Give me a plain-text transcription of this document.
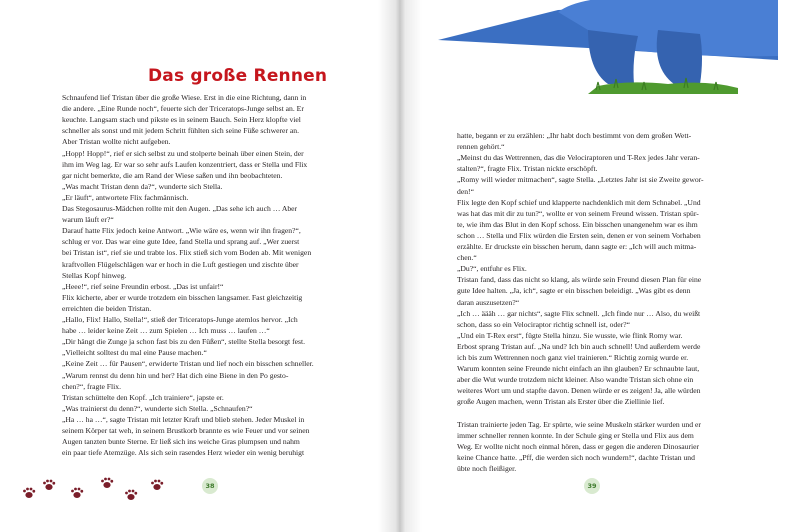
Das große Rennen
38	39
Schnaufend lief Tristan über die große Wiese. Erst in die eine Richtung, dann in
die andere. „Eine Runde noch“, feuerte sich der Triceratops-Junge selbst an. Er
keuchte. Langsam stach und pikste es in seinem Bauch. Sein Herz klopfte viel
schneller als sonst und mit jedem Schritt fühlten sich seine Füße schwerer an.
Aber Tristan wollte nicht aufgeben.
„Hopp! Hopp!“, rief er sich selbst zu und stolperte beinah über einen Stein, der
ihm im Weg lag. Er war so sehr aufs Laufen konzentriert, dass er Stella und Flix
gar nicht bemerkte, die am Rand der Wiese saßen und ihn beobachteten.
„Was macht Tristan denn da?“, wunderte sich Stella.
„Er läuft“, antwortete Flix fachmännisch.
Das Stegosaurus-Mädchen rollte mit den Augen. „Das sehe ich auch … Aber
warum läuft er?“
Darauf hatte Flix jedoch keine Antwort. „Wie wäre es, wenn wir ihn fragen?“,
schlug er vor. Das war eine gute Idee, fand Stella und sprang auf. „Wer zuerst
bei Tristan ist“, rief sie und trabte los. Flix stieß sich vom Boden ab. Mit wenigen
kraftvollen Flügelschlägen war er hoch in die Luft gestiegen und zischte über
Stellas Kopf hinweg.
„Heee!“, rief seine Freundin erbost. „Das ist unfair!“
Flix kicherte, aber er wurde trotzdem ein bisschen langsamer. Fast gleichzeitig
erreichten die beiden Tristan.
„Hallo, Flix! Hallo, Stella!“, stieß der Triceratops-Junge atemlos hervor. „Ich
habe … leider keine Zeit … zum Spielen … Ich muss … laufen …“
„Dir hängt die Zunge ja schon fast bis zu den Füßen“, stellte Stella besorgt fest.
„Vielleicht solltest du mal eine Pause machen.“
„Keine Zeit … für Pausen“, erwiderte Tristan und lief noch ein bisschen schneller.
„Warum rennst du denn hin und her? Hat dich eine Biene in den Po gesto-
chen?“, fragte Flix.
Tristan schüttelte den Kopf. „Ich trainiere“, japste er.
„Was trainierst du denn?“, wunderte sich Stella. „Schnaufen?“
„Ha … ha …“, sagte Tristan mit letzter Kraft und blieb stehen. Jeder Muskel in
seinem Körper tat weh, in seinem Brustkorb brannte es wie Feuer und vor seinen
Augen tanzten bunte Sterne. Er ließ sich ins weiche Gras plumpsen und nahm
ein paar tiefe Atemzüge. Als sich sein rasendes Herz wieder ein wenig beruhigt
hatte, begann er zu erzählen: „Ihr habt doch bestimmt von dem großen Wett-
rennen gehört.“
„Meinst du das Wettrennen, das die Velociraptoren und T-Rex jedes Jahr veran-
stalten?“, fragte Flix. Tristan nickte erschöpft.
„Romy will wieder mitmachen“, sagte Stella. „Letztes Jahr ist sie Zweite gewor-
den!“
Flix legte den Kopf schief und klapperte nachdenklich mit dem Schnabel. „Und
was hat das mit dir zu tun?“, wollte er von seinem Freund wissen. Tristan spür-
te, wie ihm das Blut in den Kopf schoss. Ein bisschen unangenehm war es ihm
schon … Stella und Flix würden die Ersten sein, denen er von seinem Vorhaben
erzählte. Er druckste ein bisschen herum, dann sagte er: „Ich will auch mitma-
chen.“
„Du?“, entfuhr es Flix.
Tristan fand, dass das nicht so klang, als würde sein Freund diesen Plan für eine
gute Idee halten. „Ja, ich“, sagte er ein bisschen beleidigt. „Was gibt es denn
daran auszusetzen?“
„Ich … äääh … gar nichts“, sagte Flix schnell. „Ich finde nur … Also, du weißt
schon, dass so ein Velociraptor richtig schnell ist, oder?“
„Und ein T-Rex erst“, fügte Stella hinzu. Sie wusste, wie flink Romy war.
Erbost sprang Tristan auf. „Na und? Ich bin auch schnell! Und außerdem werde
ich bis zum Wettrennen noch ganz viel trainieren.“ Richtig zornig wurde er.
Warum konnten seine Freunde nicht einfach an ihn glauben? Er schnaubte laut,
aber die Wut wurde trotzdem nicht kleiner. Also wandte Tristan sich ohne ein
weiteres Wort um und stapfte davon. Denen würde er es zeigen! Ja, alle würden
große Augen machen, wenn Tristan als Erster über die Ziellinie lief.
Tristan trainierte jeden Tag. Er spürte, wie seine Muskeln stärker wurden und er
immer schneller rennen konnte. In der Schule ging er Stella und Flix aus dem
Weg. Er wollte nicht noch einmal hören, dass er gegen die anderen Dinosaurier
keine Chance hatte. „Pff, die werden sich noch wundern!“, dachte Tristan und
übte noch fleißiger.
